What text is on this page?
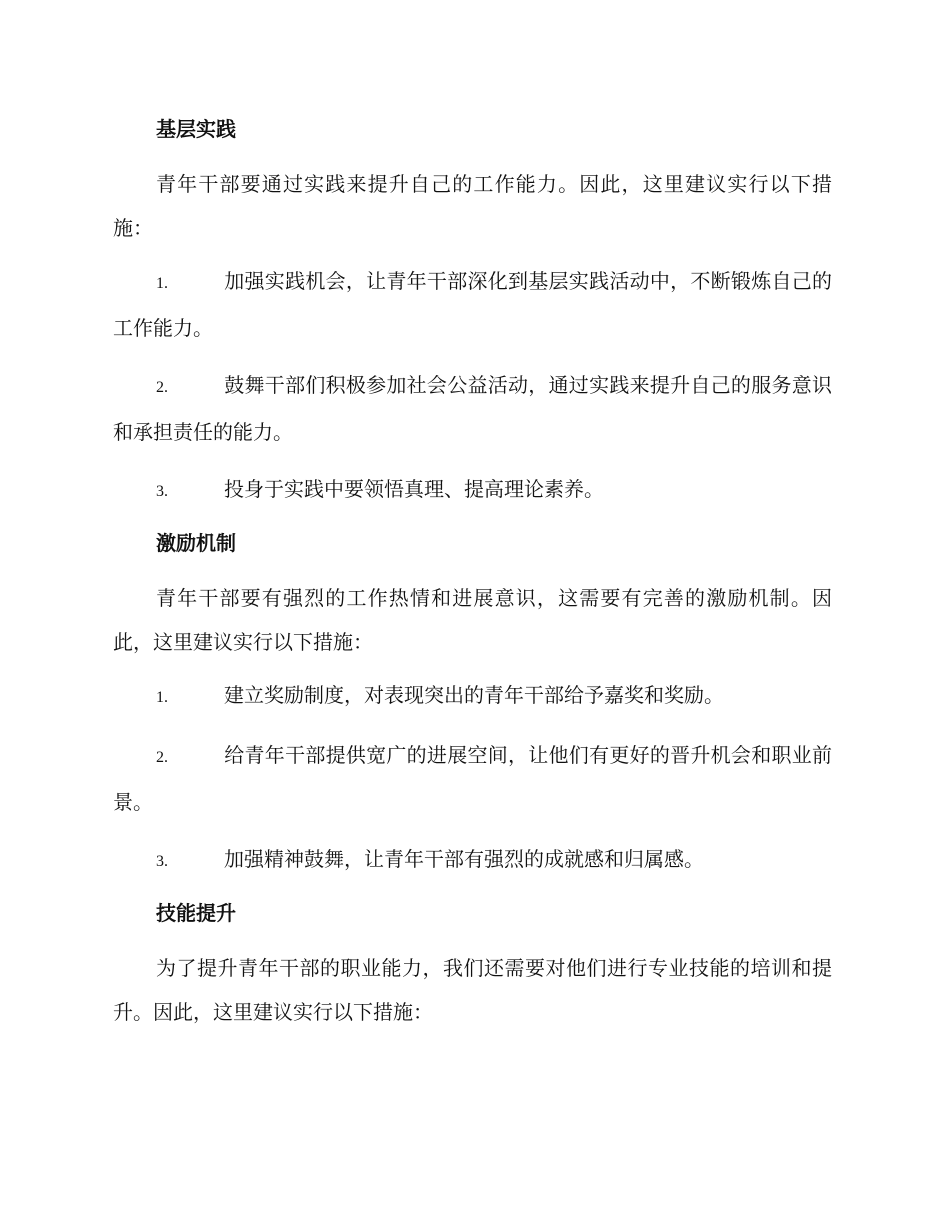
基层实践
青年干部要通过实践来提升自己的工作能力。因此，这里建议实行以下措施：
1.	加强实践机会，让青年干部深化到基层实践活动中，不断锻炼自己的工作能力。
2.	鼓舞干部们积极参加社会公益活动，通过实践来提升自己的服务意识和承担责任的能力。
3.	投身于实践中要领悟真理、提高理论素养。
激励机制
青年干部要有强烈的工作热情和进展意识，这需要有完善的激励机制。因此，这里建议实行以下措施：
1.	建立奖励制度，对表现突出的青年干部给予嘉奖和奖励。
2.	给青年干部提供宽广的进展空间，让他们有更好的晋升机会和职业前景。
3.	加强精神鼓舞，让青年干部有强烈的成就感和归属感。
技能提升
为了提升青年干部的职业能力，我们还需要对他们进行专业技能的培训和提升。因此，这里建议实行以下措施：
